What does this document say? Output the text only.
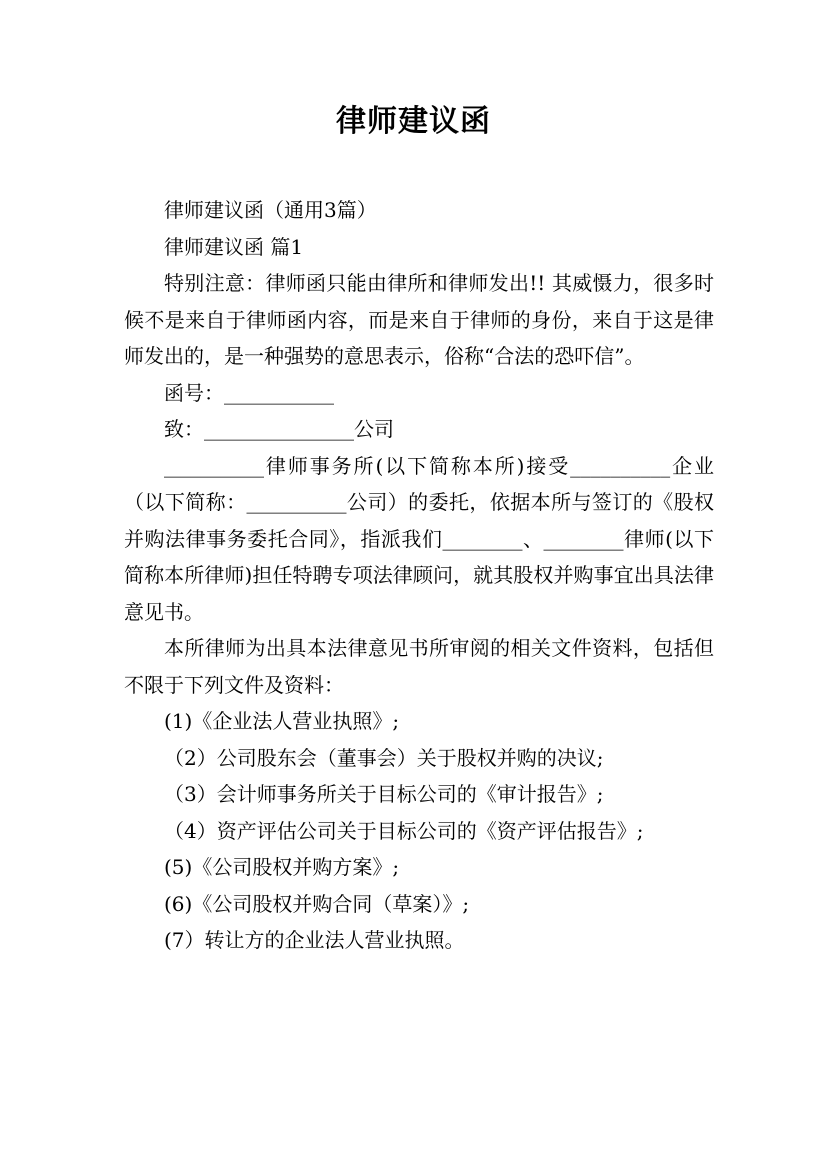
律师建议函

律师建议函（通用3篇）

律师建议函 篇1

特别注意：律师函只能由律所和律师发出!! 其威慑力，很多时候不是来自于律师函内容，而是来自于律师的身份，来自于这是律师发出的，是一种强势的意思表示，俗称“合法的恐吓信”。

函号：___________

致：_______________公司

__________律师事务所(以下简称本所)接受__________企业（以下简称：__________公司）的委托，依据本所与签订的《股权并购法律事务委托合同》，指派我们________、________律师(以下简称本所律师)担任特聘专项法律顾问，就其股权并购事宜出具法律意见书。

本所律师为出具本法律意见书所审阅的相关文件资料，包括但不限于下列文件及资料：

(1)《企业法人营业执照》;

（2）公司股东会（董事会）关于股权并购的决议;

（3）会计师事务所关于目标公司的《审计报告》;

（4）资产评估公司关于目标公司的《资产评估报告》;

(5)《公司股权并购方案》;

(6)《公司股权并购合同（草案）》;

(7）转让方的企业法人营业执照。
